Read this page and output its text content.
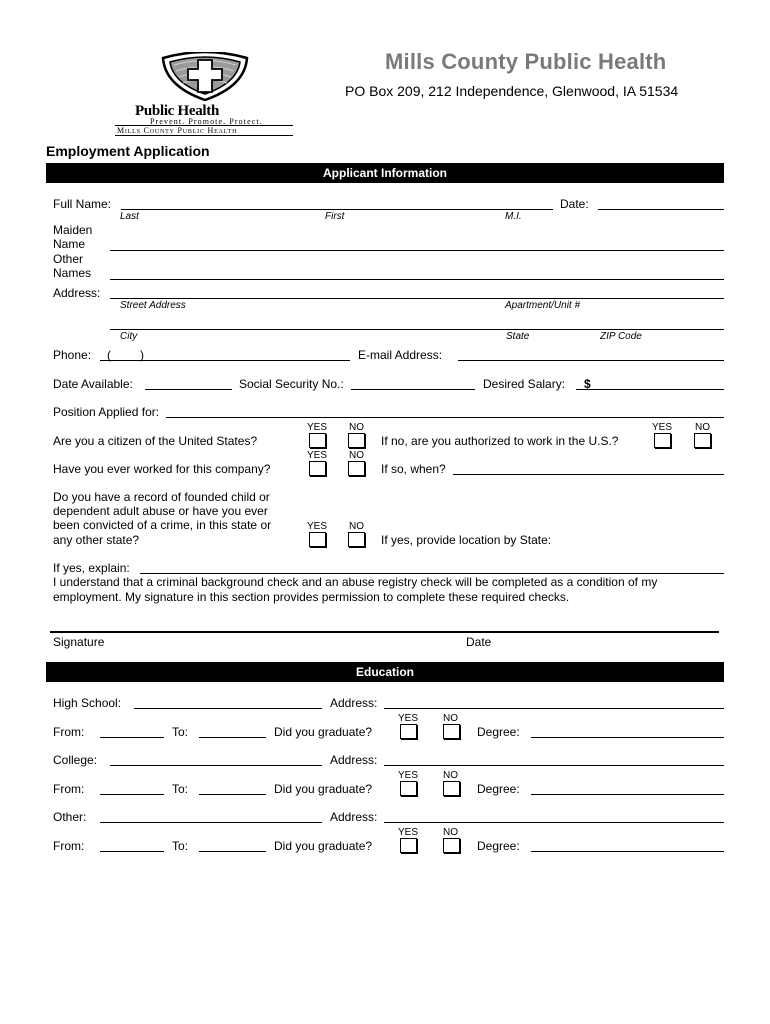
Public Health
Prevent. Promote. Protect.
Mills County Public Health
Mills County Public Health
PO Box 209, 212 Independence, Glenwood, IA 51534
Employment Application
Applicant Information
Full Name:	Date:
Last	First	M.I.
Maiden
Name
Other
Names
Address:
Street Address	Apartment/Unit #
City	State	ZIP Code
Phone: ( )	E-mail Address:
Date Available:	Social Security No.:	Desired Salary: $
Position Applied for:
YES NO	YES NO
Are you a citizen of the United States?	If no, are you authorized to work in the U.S.?
YES NO
Have you ever worked for this company?	If so, when?
Do you have a record of founded child or
dependent adult abuse or have you ever
been convicted of a crime, in this state or
any other state?
YES NO
If yes, provide location by State:
If yes, explain:
I understand that a criminal background check and an abuse registry check will be completed as a condition of my
employment. My signature in this section provides permission to complete these required checks.
Signature	Date
Education
High School:	Address:
YES NO
From:	To:	Did you graduate?	Degree:
College:	Address:
YES NO
From:	To:	Did you graduate?	Degree:
Other:	Address:
YES NO
From:	To:	Did you graduate?	Degree:
